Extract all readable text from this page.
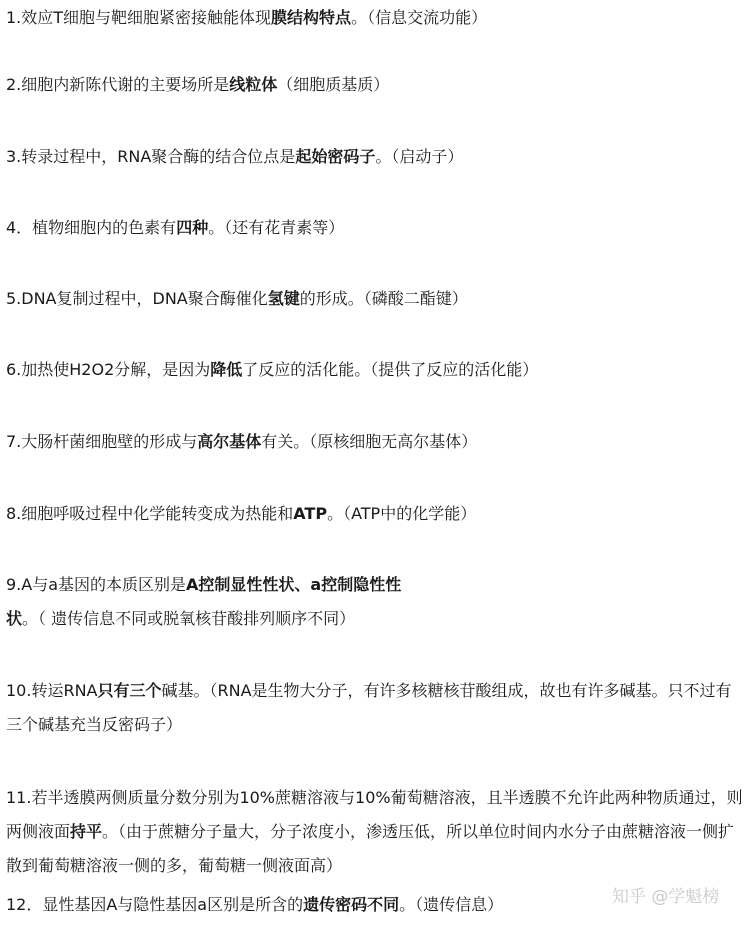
1.效应T细胞与靶细胞紧密接触能体现膜结构特点。（信息交流功能）

2.细胞内新陈代谢的主要场所是线粒体（细胞质基质）

3.转录过程中，RNA聚合酶的结合位点是起始密码子。（启动子）

4．植物细胞内的色素有四种。（还有花青素等）

5.DNA复制过程中，DNA聚合酶催化氢键的形成。（磷酸二酯键）

6.加热使H2O2分解，是因为降低了反应的活化能。（提供了反应的活化能）

7.大肠杆菌细胞壁的形成与高尔基体有关。（原核细胞无高尔基体）

8.细胞呼吸过程中化学能转变成为热能和ATP。（ATP中的化学能）

9.A与a基因的本质区别是A控制显性性状、a控制隐性性状。（ 遗传信息不同或脱氧核苷酸排列顺序不同）

10.转运RNA只有三个碱基。（RNA是生物大分子，有许多核糖核苷酸组成，故也有许多碱基。只不过有三个碱基充当反密码子）

11.若半透膜两侧质量分数分别为10%蔗糖溶液与10%葡萄糖溶液，且半透膜不允许此两种物质通过，则两侧液面持平。（由于蔗糖分子量大，分子浓度小，渗透压低，所以单位时间内水分子由蔗糖溶液一侧扩散到葡萄糖溶液一侧的多，葡萄糖一侧液面高）

12．显性基因A与隐性基因a区别是所含的遗传密码不同。（遗传信息）	知乎 @学魁榜
